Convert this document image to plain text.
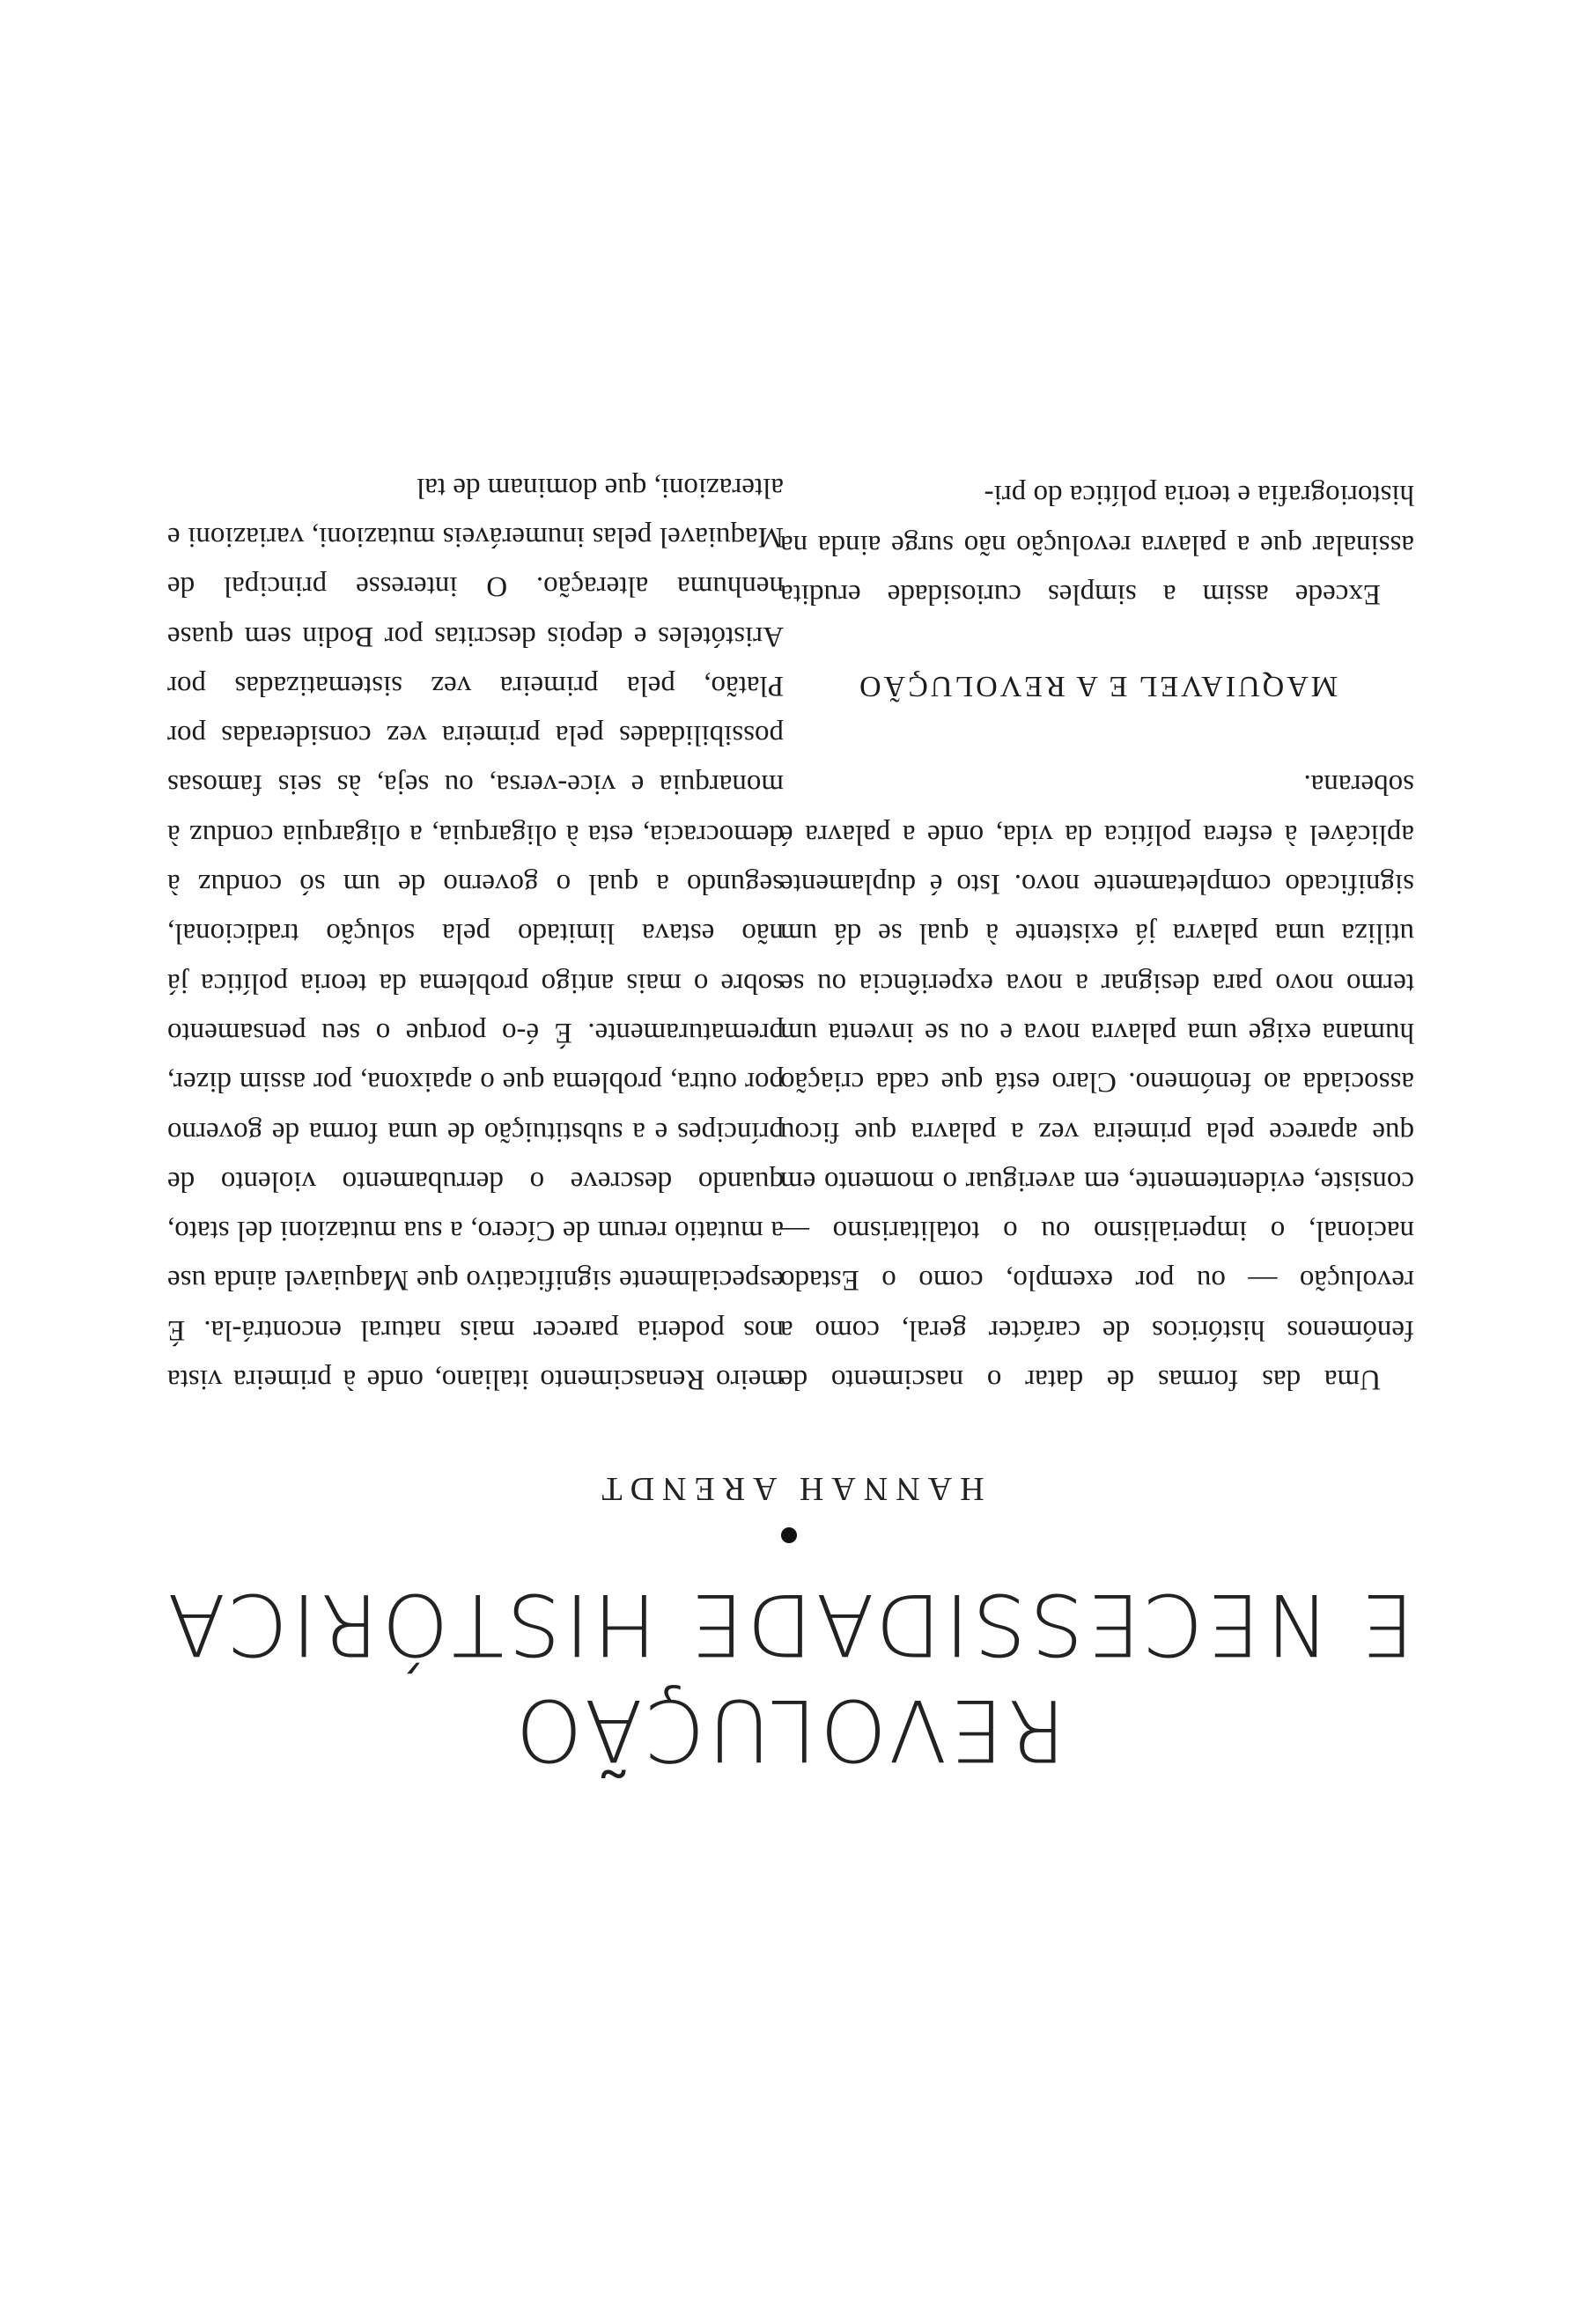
REVOLUÇÃO
E NECESSIDADE HISTÓRICA
HANNAH ARENDT

Uma das formas de datar o nascimento de fenómenos históricos de carácter geral, como a revolução — ou por exemplo, como o Estado nacional, o imperialismo ou o totalitarismo — consiste, evidentemente, em averiguar o momento em que aparece pela primeira vez a palavra que ficou associada ao fenómeno. Claro está que cada criação humana exige uma palavra nova e ou se inventa um termo novo para designar a nova experiência ou se utiliza uma palavra já existente à qual se dá um significado completamente novo. Isto é duplamente aplicável à esfera política da vida, onde a palavra é soberana.

MAQUIAVEL E A REVOLUÇÃO

Excede assim a simples curiosidade erudita assinalar que a palavra revolução não surge ainda na historiografia e teoria política do pri-

meiro Renascimento italiano, onde à primeira vista nos poderia parecer mais natural encontrá-la. É especialmente significativo que Maquiavel ainda use a mutatio rerum de Cícero, a sua mutazioni del stato, quando descreve o derrubamento violento de príncipes e a substituição de uma forma de governo por outra, problema que o apaixona, por assim dizer, prematuramente. É é-o porque o seu pensamento sobre o mais antigo problema da teoria política já não estava limitado pela solução tradicional, segundo a qual o governo de um só conduz à democracia, esta à oligarquia, a oligarquia conduz à monarquia e vice-versa, ou seja, às seis famosas possibilidades pela primeira vez consideradas por Platão, pela primeira vez sistematizadas por Aristóteles e depois descritas por Bodin sem quase nenhuma alteração. O interesse principal de Maquiavel pelas inumeráveis mutazioni, variazioni e alterazioni, que dominam de tal
